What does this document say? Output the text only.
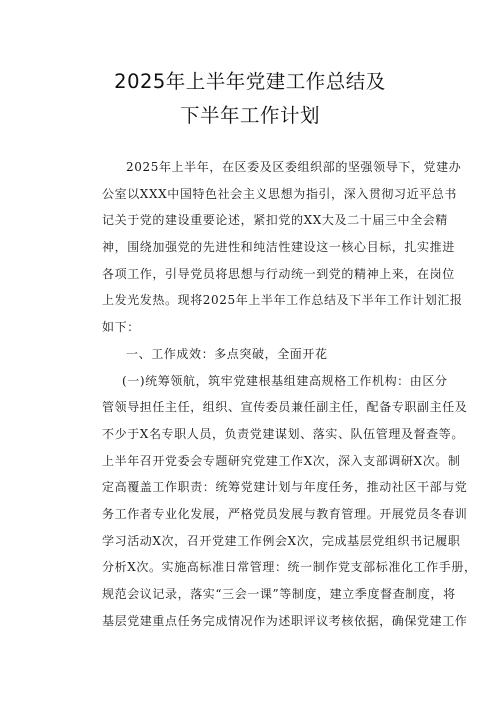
2025年上半年党建工作总结及
下半年工作计划
2025年上半年，在区委及区委组织部的坚强领导下，党建办
公室以XXX中国特色社会主义思想为指引，深入贯彻习近平总书
记关于党的建设重要论述，紧扣党的XX大及二十届三中全会精
神，围绕加强党的先进性和纯洁性建设这一核心目标，扎实推进
各项工作，引导党员将思想与行动统一到党的精神上来，在岗位
上发光发热。现将2025年上半年工作总结及下半年工作计划汇报
如下：
一、工作成效：多点突破，全面开花
(一)统筹领航，筑牢党建根基组建高规格工作机构：由区分
管领导担任主任，组织、宣传委员兼任副主任，配备专职副主任及
不少于X名专职人员，负责党建谋划、落实、队伍管理及督查等。
上半年召开党委会专题研究党建工作X次，深入支部调研X次。制
定高覆盖工作职责：统筹党建计划与年度任务，推动社区干部与党
务工作者专业化发展，严格党员发展与教育管理。开展党员冬春训
学习活动X次，召开党建工作例会X次，完成基层党组织书记履职
分析X次。实施高标准日常管理：统一制作党支部标准化工作手册，
规范会议记录，落实“三会一课”等制度，建立季度督查制度，将
基层党建重点任务完成情况作为述职评议考核依据，确保党建工作
